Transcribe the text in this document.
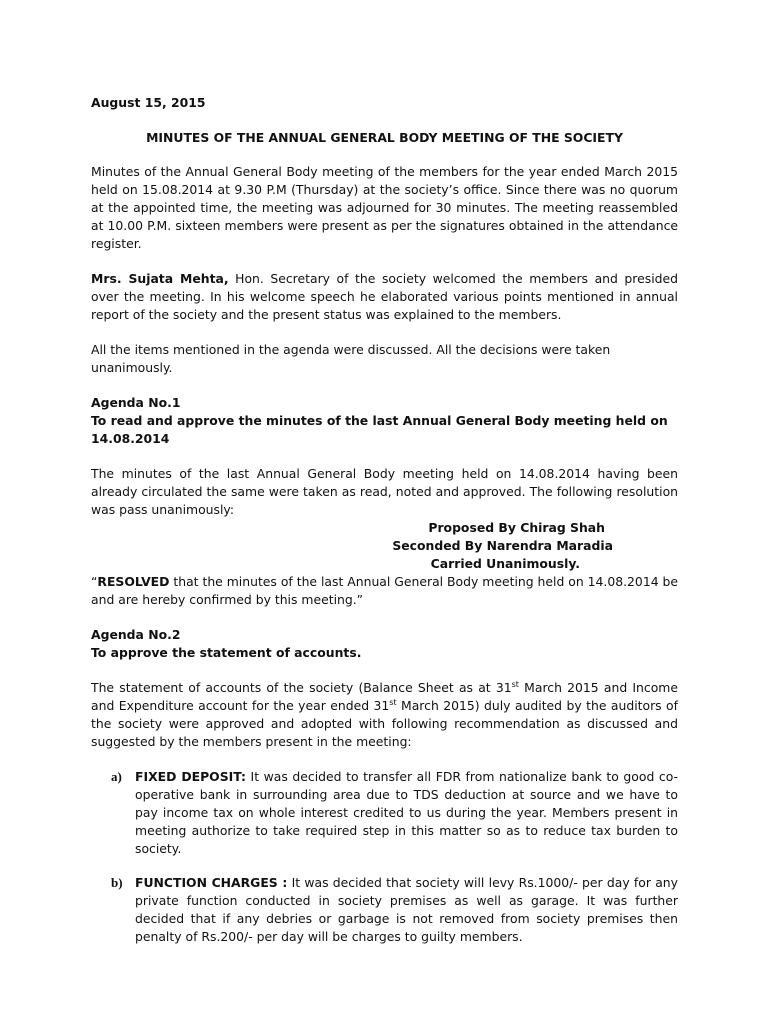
August 15, 2015

MINUTES OF THE ANNUAL GENERAL BODY MEETING OF THE SOCIETY

Minutes of the Annual General Body meeting of the members for the year ended March 2015 held on 15.08.2014 at 9.30 P.M (Thursday) at the society’s office. Since there was no quorum at the appointed time, the meeting was adjourned for 30 minutes. The meeting reassembled at 10.00 P.M. sixteen members were present as per the signatures obtained in the attendance register.

Mrs. Sujata Mehta, Hon. Secretary of the society welcomed the members and presided over the meeting. In his welcome speech he elaborated various points mentioned in annual report of the society and the present status was explained to the members.

All the items mentioned in the agenda were discussed. All the decisions were taken unanimously.

Agenda No.1

To read and approve the minutes of the last Annual General Body meeting held on 14.08.2014

The minutes of the last Annual General Body meeting held on 14.08.2014 having been already circulated the same were taken as read, noted and approved. The following resolution was pass unanimously:

Proposed By Chirag Shah
Seconded By Narendra Maradia
Carried Unanimously.

“RESOLVED that the minutes of the last Annual General Body meeting held on 14.08.2014 be and are hereby confirmed by this meeting.”

Agenda No.2

To approve the statement of accounts.

The statement of accounts of the society (Balance Sheet as at 31st March 2015 and Income and Expenditure account for the year ended 31st March 2015) duly audited by the auditors of the society were approved and adopted with following recommendation as discussed and suggested by the members present in the meeting:

a) FIXED DEPOSIT: It was decided to transfer all FDR from nationalize bank to good co-operative bank in surrounding area due to TDS deduction at source and we have to pay income tax on whole interest credited to us during the year. Members present in meeting authorize to take required step in this matter so as to reduce tax burden to society.

b) FUNCTION CHARGES : It was decided that society will levy Rs.1000/- per day for any private function conducted in society premises as well as garage. It was further decided that if any debries or garbage is not removed from society premises then penalty of Rs.200/- per day will be charges to guilty members.
